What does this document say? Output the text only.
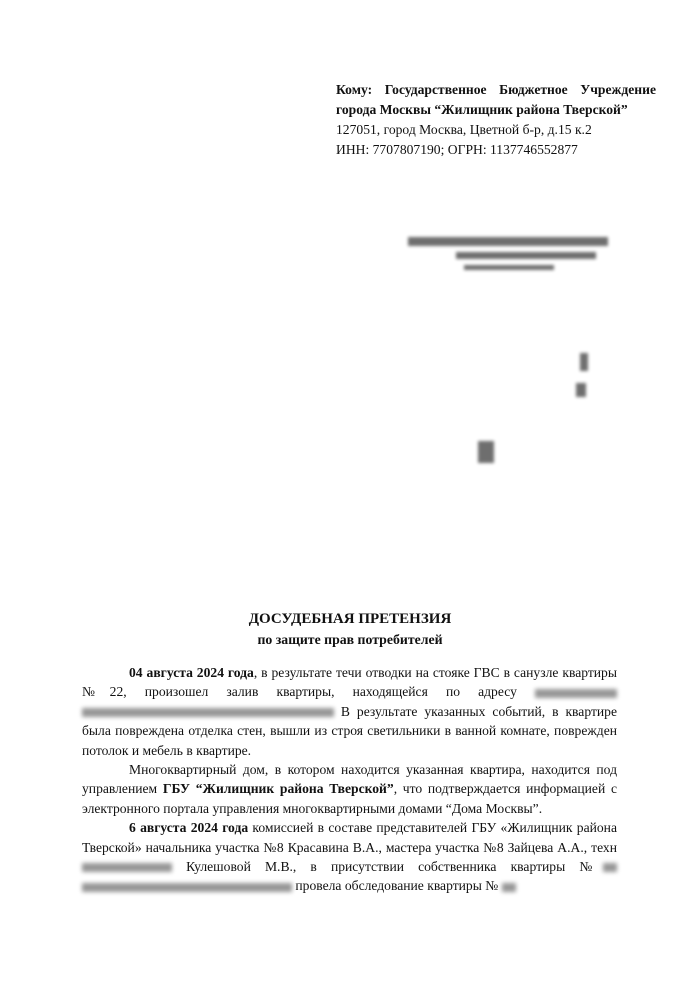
Кому: Государственное Бюджетное Учреждение
города Москвы “Жилищник района Тверской”
127051, город Москва, Цветной б-р, д.15 к.2
ИНН: 7707807190; ОГРН: 1137746552877
ДОСУДЕБНАЯ ПРЕТЕНЗИЯ
по защите прав потребителей

04 августа 2024 года, в результате течи отводки на стояке ГВС в санузле квартиры №22, произошел залив квартиры, находящейся по адресу   В результате указанных событий, в квартире была повреждена отделка стен, вышли из строя светильники в ванной комнате, поврежден потолок и мебель в квартире.

Многоквартирный дом, в котором находится указанная квартира, находится под управлением ГБУ “Жилищник района Тверской”, что подтверждается информацией с электронного портала управления многоквартирными домами “Дома Москвы”.

6 августа 2024 года комиссией в составе представителей ГБУ «Жилищник района Тверской» начальника участка №8 Красавина В.А., мастера участка №8 Зайцева А.А., техн Кулешовой М.В., в присутствии собственника квартиры №  провела обследование квартиры №
